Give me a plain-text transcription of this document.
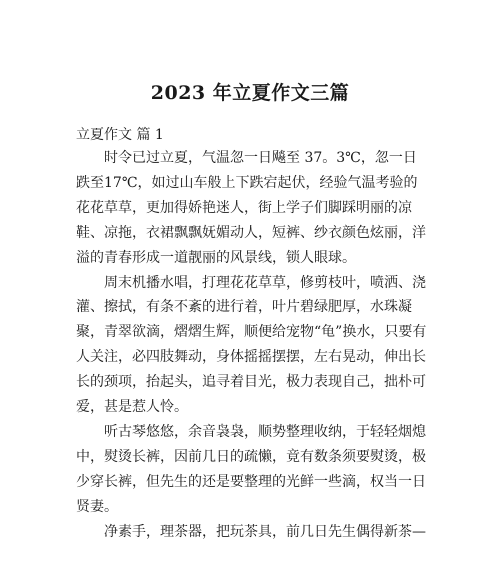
2023 年立夏作文三篇
立夏作文 篇 1

时令已过立夏，气温忽一日飚至 37。3℃，忽一日跌至17℃，如过山车般上下跌宕起伏，经验气温考验的花花草草，更加得娇艳迷人，街上学子们脚踩明丽的凉鞋、凉拖，衣裙飘飘妩媚动人，短裤、纱衣颜色炫丽，洋溢的青春形成一道靓丽的风景线，锁人眼球。

周末机播水唱，打理花花草草，修剪枝叶，喷洒、浇灌、擦拭，有条不紊的进行着，叶片碧绿肥厚，水珠凝聚，青翠欲滴，熠熠生辉，顺便给宠物“龟”换水，只要有人关注，必四肢舞动，身体摇摇摆摆，左右晃动，伸出长长的颈项，抬起头，追寻着目光，极力表现自己，拙朴可爱，甚是惹人怜。

听古琴悠悠，余音袅袅，顺势整理收纳，于轻轻烟熄中，熨烫长裤，因前几日的疏懒，竟有数条须要熨烫，极少穿长裤，但先生的还是要整理的光鲜一些滴，权当一日贤妻。

净素手，理茶器，把玩茶具，前几日先生偶得新茶—
